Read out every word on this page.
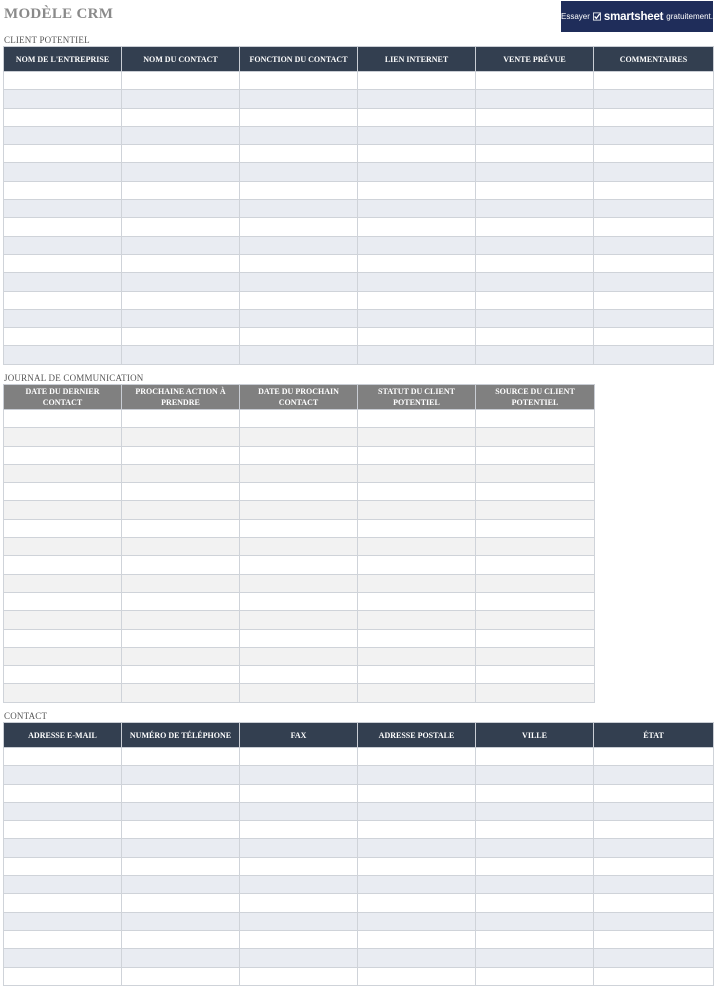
MODÈLE CRM	Essayer smartsheet gratuitement.
CLIENT POTENTIEL
NOM DE L'ENTREPRISE	NOM DU CONTACT	FONCTION DU CONTACT	LIEN INTERNET	VENTE PRÉVUE	COMMENTAIRES

JOURNAL DE COMMUNICATION
DATE DU DERNIER CONTACT	PROCHAINE ACTION À PRENDRE	DATE DU PROCHAIN CONTACT	STATUT DU CLIENT POTENTIEL	SOURCE DU CLIENT POTENTIEL

CONTACT
ADRESSE E-MAIL	NUMÉRO DE TÉLÉPHONE	FAX	ADRESSE POSTALE	VILLE	ÉTAT
